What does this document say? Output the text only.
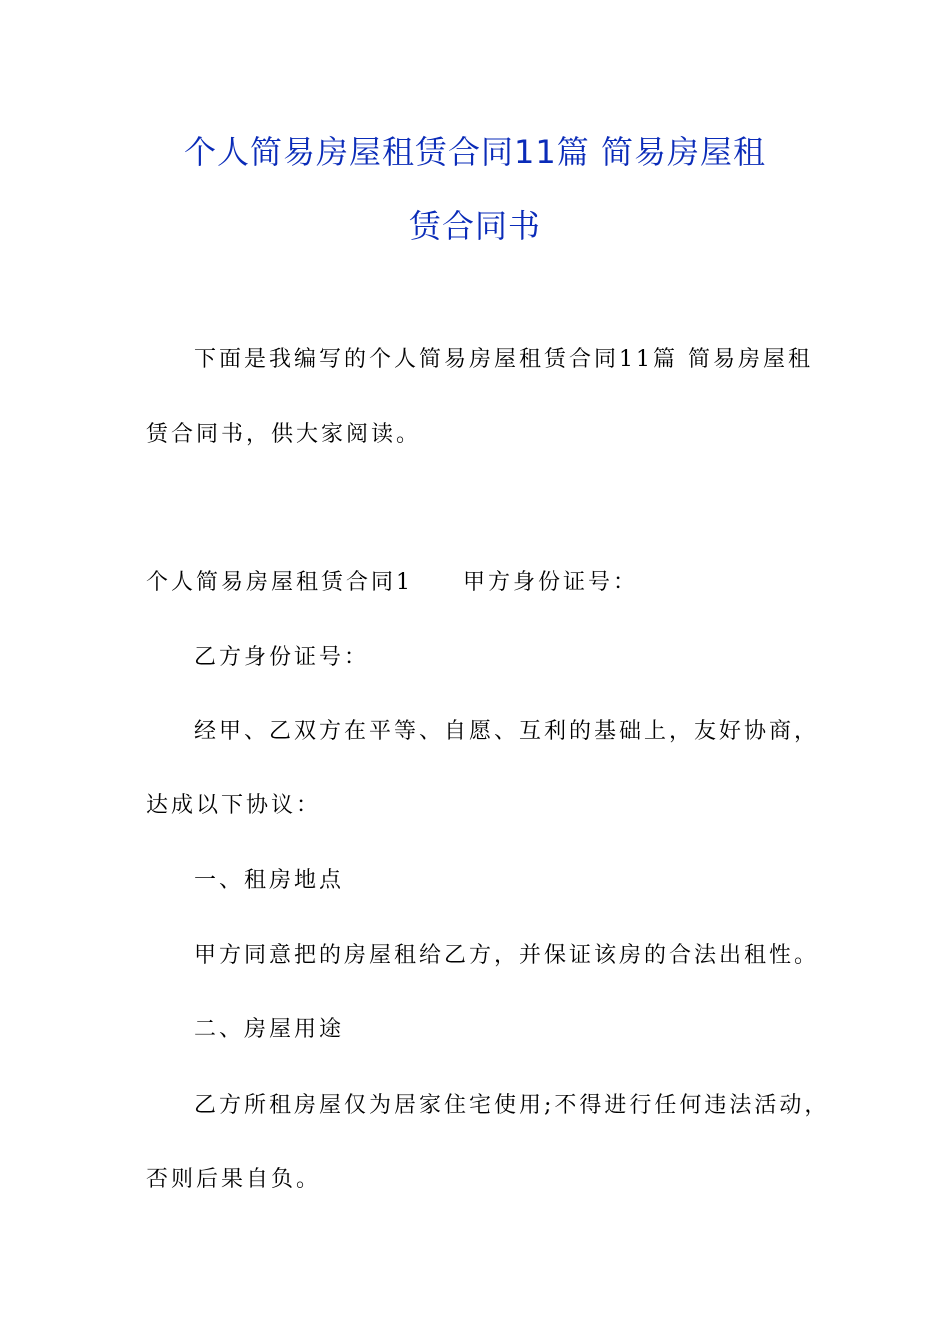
个人简易房屋租赁合同11篇 简易房屋租
赁合同书

下面是我编写的个人简易房屋租赁合同11篇 简易房屋租

赁合同书，供大家阅读。

个人简易房屋租赁合同1 甲方身份证号：

乙方身份证号：

经甲、乙双方在平等、自愿、互利的基础上，友好协商，

达成以下协议：

一、租房地点

甲方同意把的房屋租给乙方，并保证该房的合法出租性。

二、房屋用途

乙方所租房屋仅为居家住宅使用;不得进行任何违法活动，

否则后果自负。
